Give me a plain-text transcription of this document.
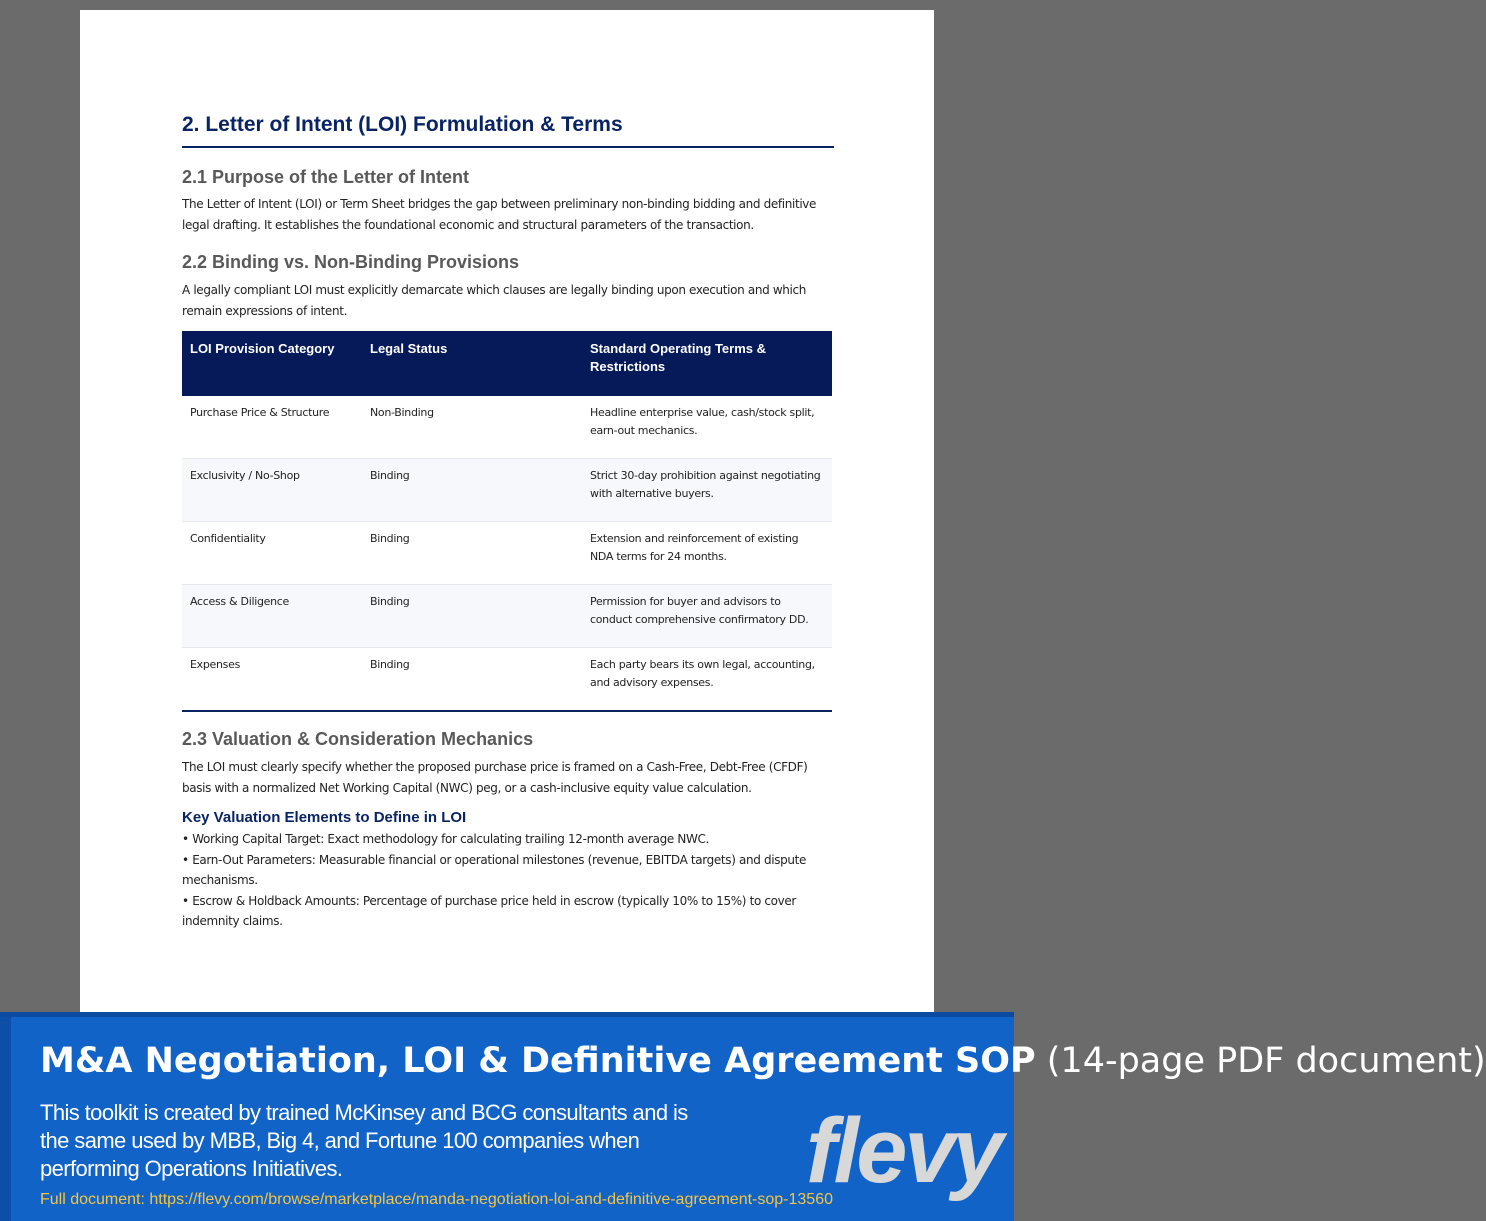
2. Letter of Intent (LOI) Formulation & Terms
2.1 Purpose of the Letter of Intent

The Letter of Intent (LOI) or Term Sheet bridges the gap between preliminary non-binding bidding and definitive legal drafting. It establishes the foundational economic and structural parameters of the transaction.

2.2 Binding vs. Non-Binding Provisions

A legally compliant LOI must explicitly demarcate which clauses are legally binding upon execution and which remain expressions of intent.

LOI Provision Category	Legal Status	Standard Operating Terms & Restrictions
Purchase Price & Structure	Non-Binding	Headline enterprise value, cash/stock split, earn-out mechanics.
Exclusivity / No-Shop	Binding	Strict 30-day prohibition against negotiating with alternative buyers.
Confidentiality	Binding	Extension and reinforcement of existing NDA terms for 24 months.
Access & Diligence	Binding	Permission for buyer and advisors to conduct comprehensive confirmatory DD.
Expenses	Binding	Each party bears its own legal, accounting, and advisory expenses.
2.3 Valuation & Consideration Mechanics

The LOI must clearly specify whether the proposed purchase price is framed on a Cash-Free, Debt-Free (CFDF) basis with a normalized Net Working Capital (NWC) peg, or a cash-inclusive equity value calculation.

Key Valuation Elements to Define in LOI

• Working Capital Target: Exact methodology for calculating trailing 12-month average NWC.

• Earn-Out Parameters: Measurable financial or operational milestones (revenue, EBITDA targets) and dispute mechanisms.

• Escrow & Holdback Amounts: Percentage of purchase price held in escrow (typically 10% to 15%) to cover indemnity claims.

M&A Negotiation, LOI & Definitive Agreement SOP (14-page PDF document)
This toolkit is created by trained McKinsey and BCG consultants and is the same used by MBB, Big 4, and Fortune 100 companies when performing Operations Initiatives.
Full document: https://flevy.com/browse/marketplace/manda-negotiation-loi-and-definitive-agreement-sop-13560
flevy
